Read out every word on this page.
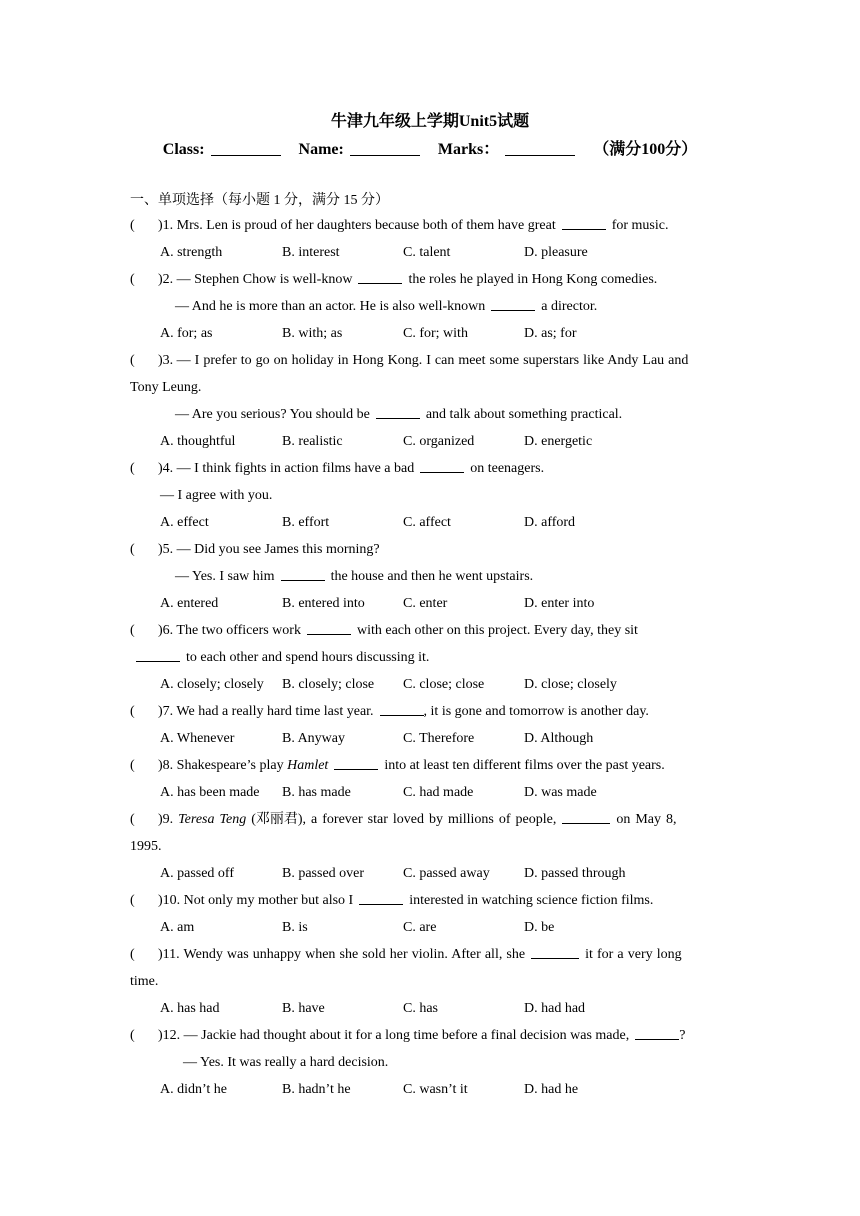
牛津九年级上学期Unit5试题
Class:	Name:	Marks：	（满分100分）
一、单项选择（每小题 1 分，满分 15 分）
( )1. Mrs. Len is proud of her daughters because both of them have great	for music.
A. strength	B. interest	C. talent	D. pleasure
( )2. — Stephen Chow is well-know	the roles he played in Hong Kong comedies.
— And he is more than an actor. He is also well-known	a director.
A. for; as	B. with; as	C. for; with	D. as; for
( )3. — I prefer to go on holiday in Hong Kong. I can meet some superstars like Andy Lau and
Tony Leung.
— Are you serious? You should be	and talk about something practical.
A. thoughtful	B. realistic	C. organized	D. energetic
( )4. — I think fights in action films have a bad	on teenagers.
— I agree with you.
A. effect	B. effort	C. affect	D. afford
( )5. — Did you see James this morning?
— Yes. I saw him	the house and then he went upstairs.
A. entered	B. entered into	C. enter	D. enter into
( )6. The two officers work	with each other on this project. Every day, they sit
to each other and spend hours discussing it.
A. closely; closely B. closely; close C. close; close	D. close; closely
( )7. We had a really hard time last year.	, it is gone and tomorrow is another day.
A. Whenever	B. Anyway	C. Therefore	D. Although
( )8. Shakespeare’s play Hamlet	into at least ten different films over the past years.
A. has been made B. has made	C. had made	D. was made
( )9. Teresa Teng (邓丽君), a forever star loved by millions of people,	on May 8,
1995.
A. passed off	B. passed over	C. passed away D. passed through
( )10. Not only my mother but also I	interested in watching science fiction films.
A. am	B. is	C. are	D. be
( )11. Wendy was unhappy when she sold her violin. After all, she	it for a very long
time.
A. has had	B. have	C. has	D. had had
( )12. — Jackie had thought about it for a long time before a final decision was made,	?
— Yes. It was really a hard decision.
A. didn’t he	B. hadn’t he	C. wasn’t it	D. had he
